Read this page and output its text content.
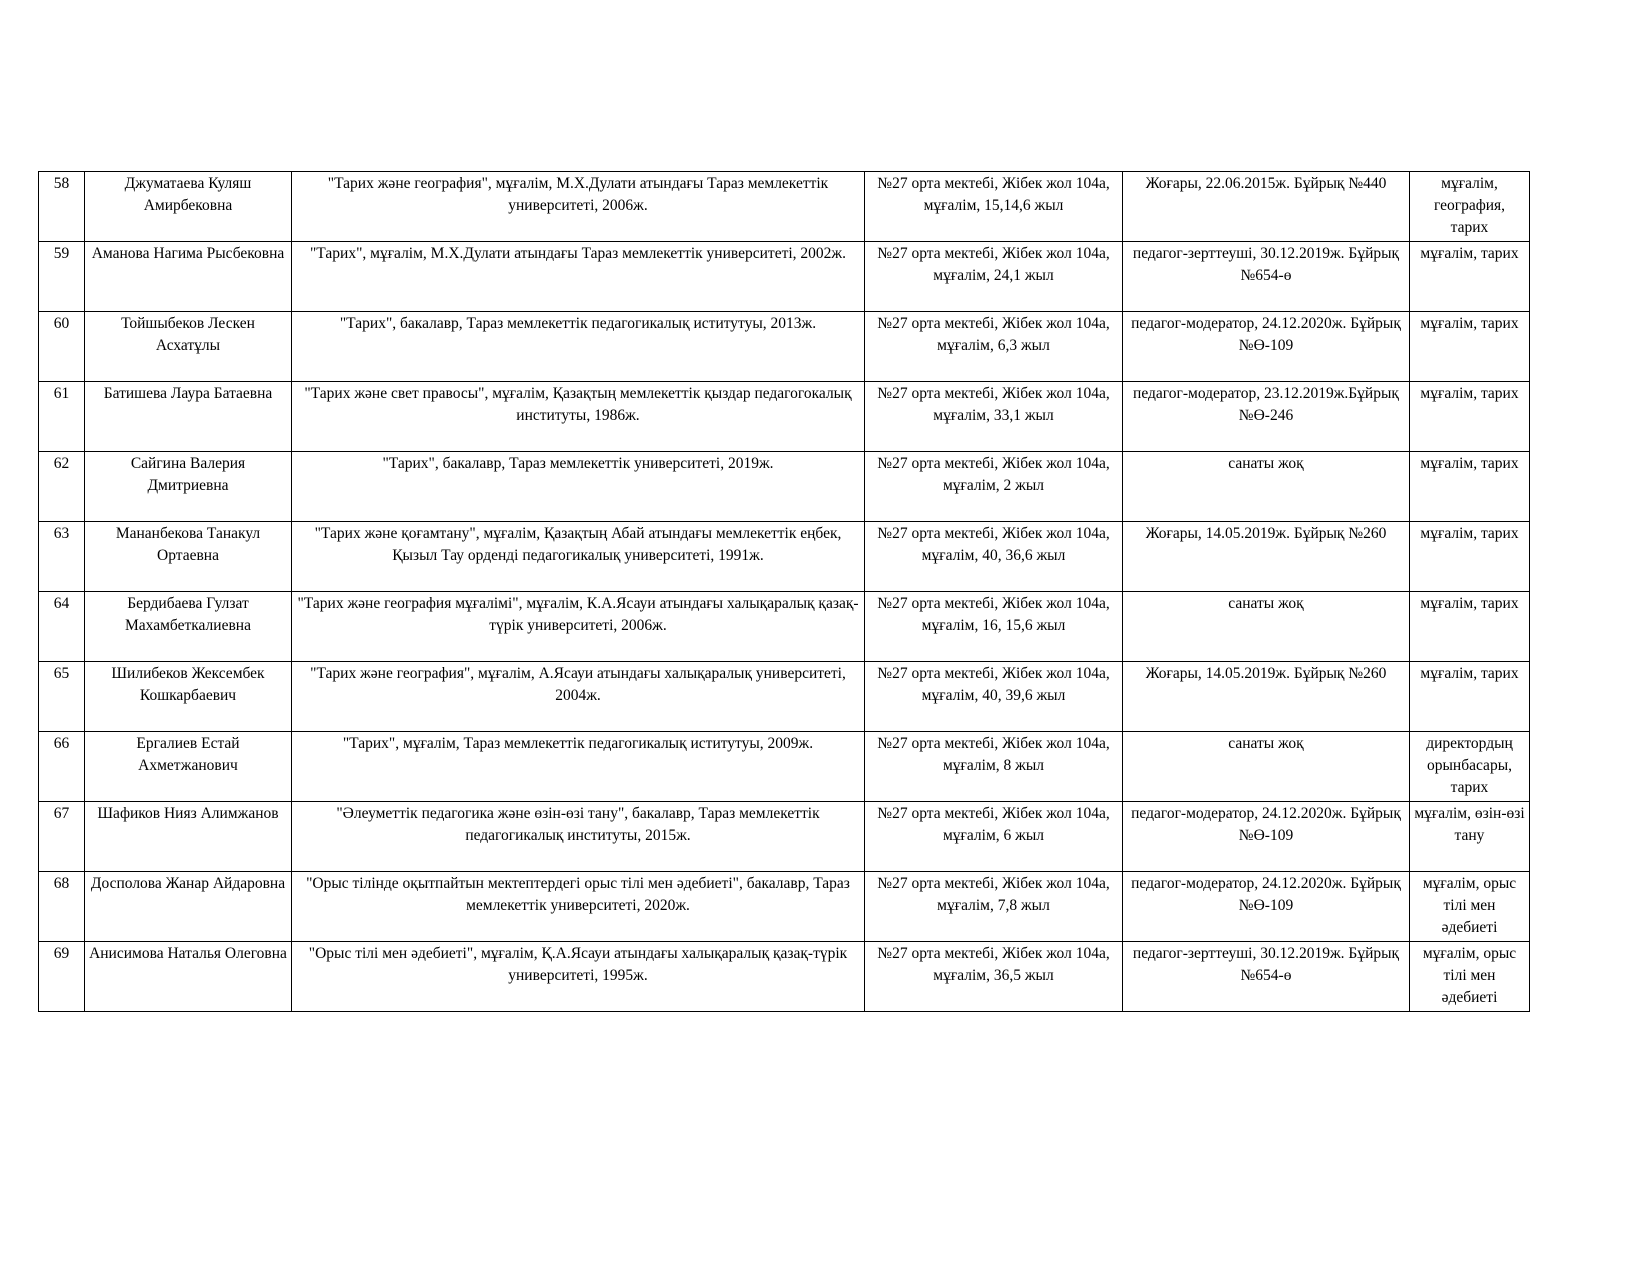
58	Джуматаева Куляш Амирбековна	"Тарих және география", мұғалім, М.Х.Дулати атындағы Тараз мемлекеттік университеті, 2006ж.	№27 орта мектебі, Жібек жол 104а, мұғалім, 15,14,6 жыл	Жоғары, 22.06.2015ж. Бұйрық №440	мұғалім, география, тарих
59	Аманова Нагима Рысбековна	"Тарих", мұғалім, М.Х.Дулати атындағы Тараз мемлекеттік университеті, 2002ж.	№27 орта мектебі, Жібек жол 104а, мұғалім, 24,1 жыл	педагог-зерттеуші, 30.12.2019ж. Бұйрық №654-ө	мұғалім, тарих
60	Тойшыбеков Лескен Асхатұлы	"Тарих", бакалавр, Тараз мемлекеттік педагогикалық иститутуы, 2013ж.	№27 орта мектебі, Жібек жол 104а, мұғалім, 6,3 жыл	педагог-модератор, 24.12.2020ж. Бұйрық №Ө-109	мұғалім, тарих
61	Батишева Лаура Батаевна	"Тарих және свет правосы", мұғалім, Қазақтың мемлекеттік қыздар педагогокалық институты, 1986ж.	№27 орта мектебі, Жібек жол 104а, мұғалім, 33,1 жыл	педагог-модератор, 23.12.2019ж.Бұйрық №Ө-246	мұғалім, тарих
62	Сайгина Валерия Дмитриевна	"Тарих", бакалавр, Тараз мемлекеттік университеті, 2019ж.	№27 орта мектебі, Жібек жол 104а, мұғалім, 2 жыл	санаты жоқ	мұғалім, тарих
63	Мананбекова Танакул Ортаевна	"Тарих және қоғамтану", мұғалім, Қазақтың Абай атындағы мемлекеттік еңбек, Қызыл Тау орденді педагогикалық университеті, 1991ж.	№27 орта мектебі, Жібек жол 104а, мұғалім, 40, 36,6 жыл	Жоғары, 14.05.2019ж. Бұйрық №260	мұғалім, тарих
64	Бердибаева Гулзат Махамбеткалиевна	"Тарих және география мұғалімі", мұғалім, К.А.Ясауи атындағы халықаралық қазақ-түрік университеті, 2006ж.	№27 орта мектебі, Жібек жол 104а, мұғалім, 16, 15,6 жыл	санаты жоқ	мұғалім, тарих
65	Шилибеков Жексембек Кошкарбаевич	"Тарих және география", мұғалім, А.Ясауи атындағы халықаралық университеті, 2004ж.	№27 орта мектебі, Жібек жол 104а, мұғалім, 40, 39,6 жыл	Жоғары, 14.05.2019ж. Бұйрық №260	мұғалім, тарих
66	Ергалиев Естай Ахметжанович	"Тарих", мұғалім, Тараз мемлекеттік педагогикалық иститутуы, 2009ж.	№27 орта мектебі, Жібек жол 104а, мұғалім, 8 жыл	санаты жоқ	директордың орынбасары, тарих
67	Шафиков Нияз Алимжанов	"Әлеуметтік педагогика және өзін-өзі тану", бакалавр, Тараз мемлекеттік педагогикалық институты, 2015ж.	№27 орта мектебі, Жібек жол 104а, мұғалім, 6 жыл	педагог-модератор, 24.12.2020ж. Бұйрық №Ө-109	мұғалім, өзін-өзі тану
68	Досполова Жанар Айдаровна	"Орыс тілінде оқытпайтын мектептердегі орыс тілі мен әдебиеті", бакалавр, Тараз мемлекеттік университеті, 2020ж.	№27 орта мектебі, Жібек жол 104а, мұғалім, 7,8 жыл	педагог-модератор, 24.12.2020ж. Бұйрық №Ө-109	мұғалім, орыс тілі мен әдебиеті
69	Анисимова Наталья Олеговна	"Орыс тілі мен әдебиеті", мұғалім, Қ.А.Ясауи атындағы халықаралық қазақ-түрік университеті, 1995ж.	№27 орта мектебі, Жібек жол 104а, мұғалім, 36,5 жыл	педагог-зерттеуші, 30.12.2019ж. Бұйрық №654-ө	мұғалім, орыс тілі мен әдебиеті
